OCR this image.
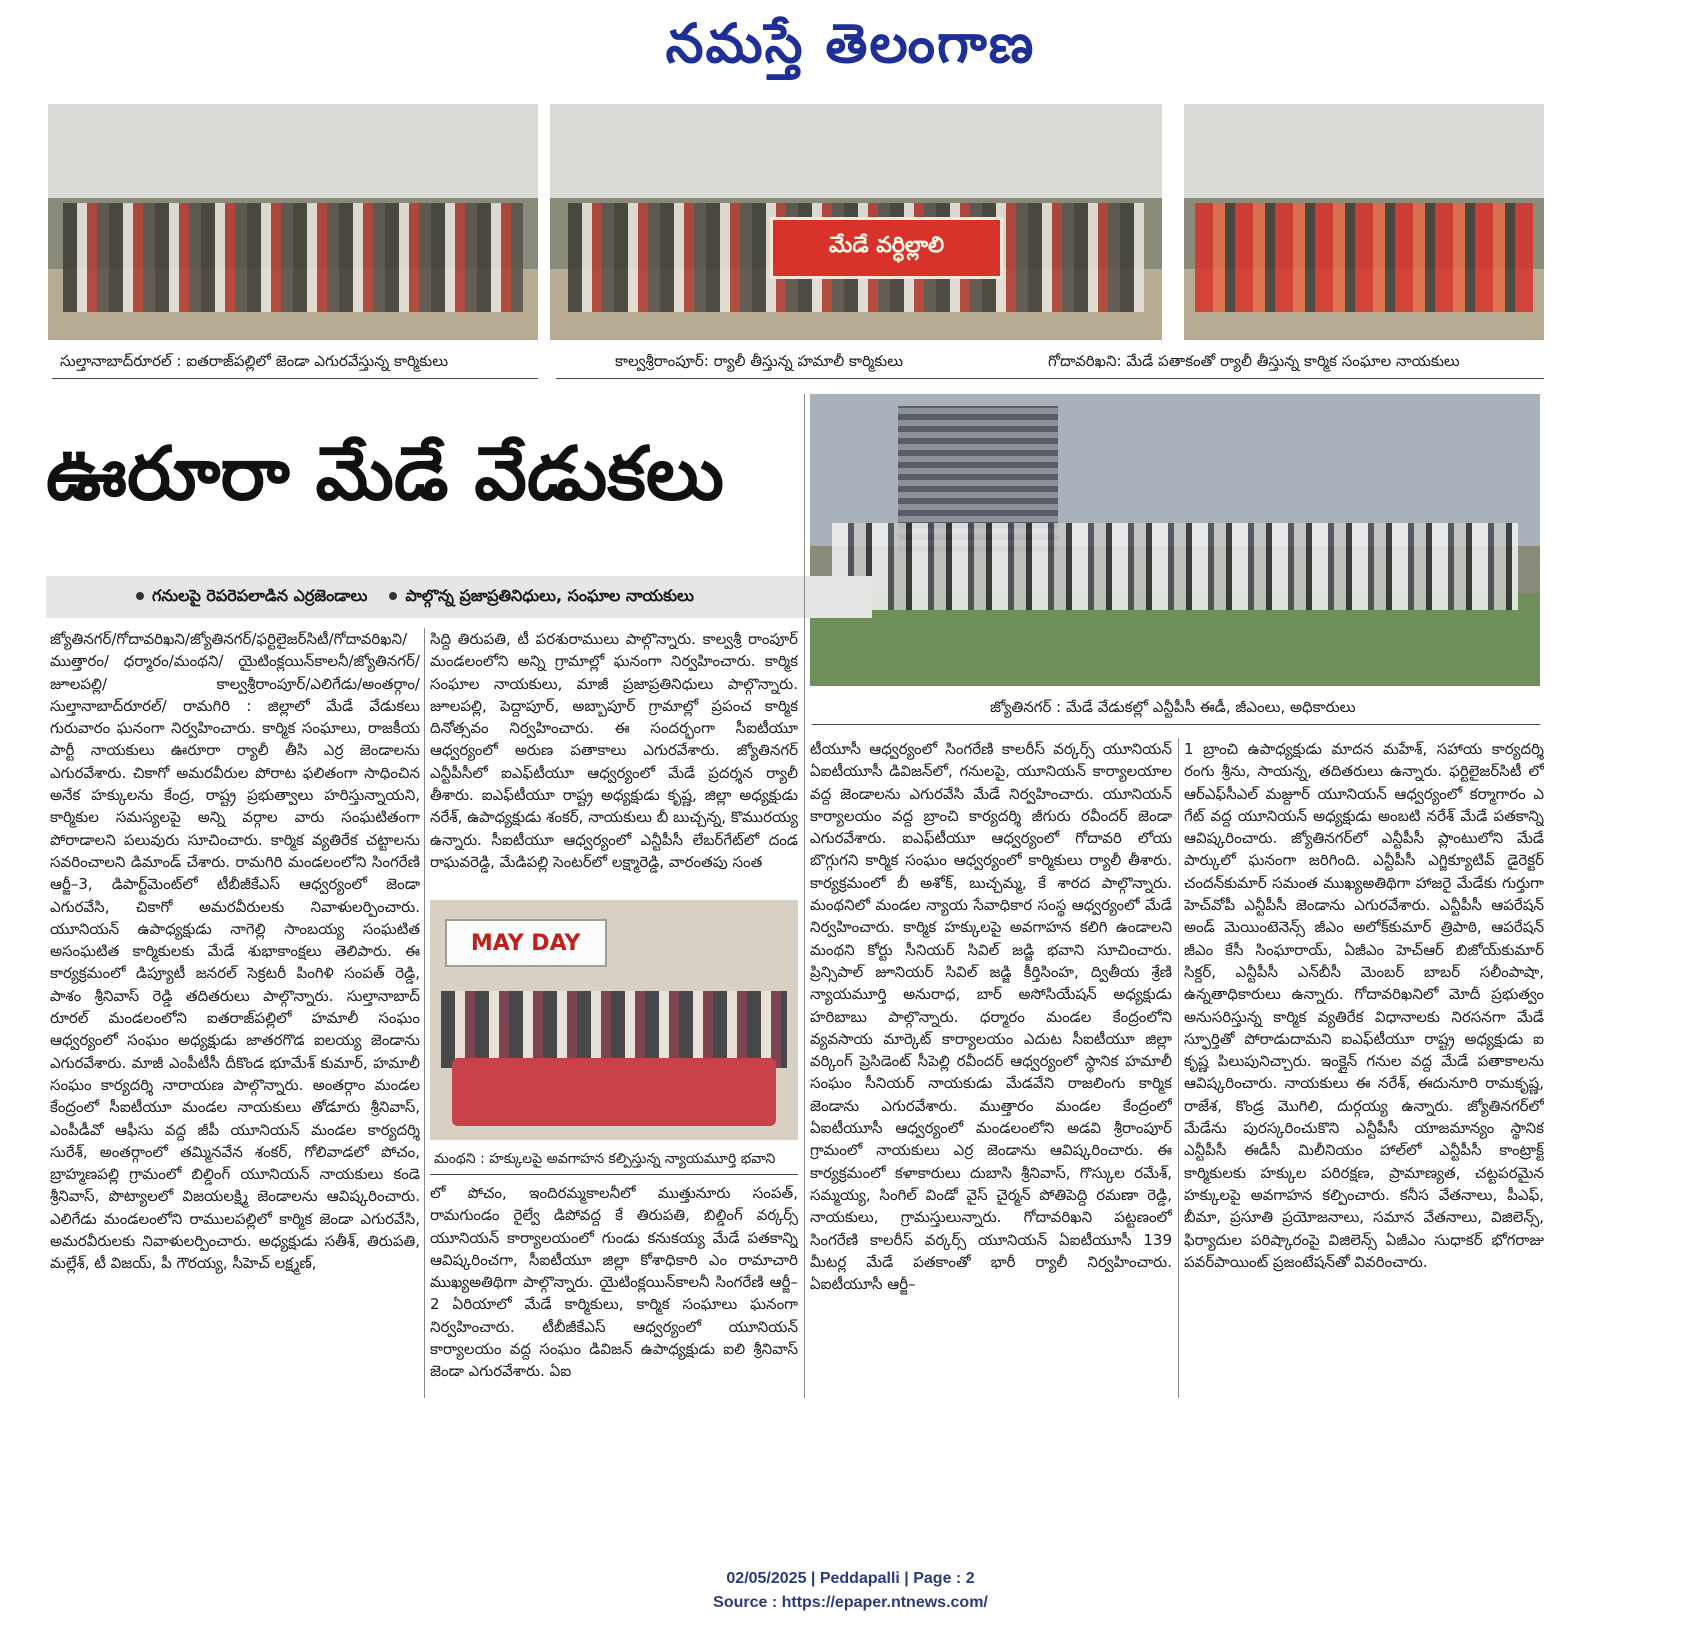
నమస్తే తెలంగాణ
సుల్తానాబాద్‌రూరల్‌ : ఐతరాజ్‌పల్లిలో జెండా ఎగురవేస్తున్న కార్మికులు
మేడే వర్ధిల్లాలి
కాల్వశ్రీరాంపూర్‌: ర్యాలీ తీస్తున్న హమాలీ కార్మికులు	గోదావరిఖని: మేడే పతాకంతో ర్యాలీ తీస్తున్న కార్మిక సంఘాల నాయకులు
జ్యోతినగర్‌ : మేడే వేడుకల్లో ఎన్టీపీసీ ఈడీ, జీఎంలు, అధికారులు
ఊరూరా మేడే వేడుకలు
గనులపై రెపరెపలాడిన ఎర్రజెండాలు	పాల్గొన్న ప్రజాప్రతినిధులు, సంఘాల నాయకులు

జ్యోతినగర్‌/గోదావరిఖని/జ్యోతినగర్‌/ఫర్టిలైజర్‌సిటీ/గోదావరిఖని/ముత్తారం/ ధర్మారం/మంథని/ యైటింక్లయిన్‌కాలనీ/జ్యోతినగర్‌/జూలపల్లి/ కాల్వశ్రీరాంపూర్‌/ఎలిగేడు/అంతర్గాం/సుల్తానాబాద్‌రూరల్‌/ రామగిరి : జిల్లాలో మేడే వేడుకలు గురువారం ఘనంగా నిర్వహించారు. కార్మిక సంఘాలు, రాజకీయ పార్టీ నాయకులు ఊరూరా ర్యాలీ తీసి ఎర్ర జెండాలను ఎగురవేశారు. చికాగో అమరవీరుల పోరాట ఫలితంగా సాధించిన అనేక హక్కులను కేంద్ర, రాష్ట్ర ప్రభుత్వాలు హరిస్తున్నాయని, కార్మికుల సమస్యలపై అన్ని వర్గాల వారు సంఘటితంగా పోరాడాలని పలువురు సూచించారు. కార్మిక వ్యతిరేక చట్టాలను సవరించాలని డిమాండ్‌ చేశారు. రామగిరి మండలంలోని సింగరేణి ఆర్జీ–3, డిపార్ట్‌మెంట్‌లో టీబీజీకేఎస్‌ ఆధ్వర్యంలో జెండా ఎగురవేసి, చికాగో అమరవీరులకు నివాళులర్పించారు. యూనియన్‌ ఉపాధ్యక్షుడు నాగెల్లి సాంబయ్య సంఘటిత అసంఘటిత కార్మికులకు మేడే శుభాకాంక్షలు తెలిపారు. ఈ కార్యక్రమంలో డిప్యూటీ జనరల్‌ సెక్రటరీ పింగిళి సంపత్‌ రెడ్డి, పాశం శ్రీనివాస్‌ రెడ్డి తదితరులు పాల్గొన్నారు. సుల్తానాబాద్‌ రూరల్‌ మండలంలోని ఐతరాజ్‌పల్లిలో హమాలీ సంఘం ఆధ్వర్యంలో సంఘం అధ్యక్షుడు జాతరగొడ ఐలయ్య జెండాను ఎగురవేశారు. మాజీ ఎంపీటీసీ దీకొండ భూమేశ్‌ కుమార్‌, హమాలీ సంఘం కార్యదర్శి నారాయణ పాల్గొన్నారు. అంతర్గాం మండల కేంద్రంలో సీఐటీయూ మండల నాయకులు తోడూరు శ్రీనివాస్‌, ఎంపీడీవో ఆఫీసు వద్ద జీపీ యూనియన్‌ మండల కార్యదర్శి సురేశ్‌, అంతర్గాంలో తమ్మినవేన శంకర్‌, గోలివాడలో పోచం, బ్రాహ్మణపల్లి గ్రామంలో బిల్డింగ్‌ యూనియన్‌ నాయకులు కండె శ్రీనివాస్‌, పొట్యాలలో విజయలక్ష్మి జెండాలను ఆవిష్కరించారు. ఎలిగేడు మండలంలోని రాములపల్లిలో కార్మిక జెండా ఎగురవేసి, అమరవీరులకు నివాళులర్పించారు. అధ్యక్షుడు సతీశ్‌, తిరుపతి, మల్లేశ్‌, టీ విజయ్‌, పీ గౌరయ్య, సీహెచ్‌ లక్ష్మణ్‌,

సిద్ది తిరుపతి, టీ పరశురాములు పాల్గొన్నారు. కాల్వశ్రీ రాంపూర్‌ మండలంలోని అన్ని గ్రామాల్లో ఘనంగా నిర్వహించారు. కార్మిక సంఘాల నాయకులు, మాజీ ప్రజాప్రతినిధులు పాల్గొన్నారు. జూలపల్లి, పెద్దాపూర్‌, అబ్బాపూర్‌ గ్రామాల్లో ప్రపంచ కార్మిక దినోత్సవం నిర్వహించారు. ఈ సందర్భంగా సీఐటీయూ ఆధ్వర్యంలో అరుణ పతాకాలు ఎగురవేశారు. జ్యోతినగర్‌ ఎన్టీపీసీలో ఐఎఫ్‌టీయూ ఆధ్వర్యంలో మేడే ప్రదర్శన ర్యాలీ తీశారు. ఐఎఫ్‌టీయూ రాష్ట్ర అధ్యక్షుడు కృష్ణ, జిల్లా అధ్యక్షుడు నరేశ్‌, ఉపాధ్యక్షుడు శంకర్‌, నాయకులు బీ బుచ్చన్న, కొమురయ్య ఉన్నారు. సీఐటీయూ ఆధ్వర్యంలో ఎన్టీపీసీ లేబర్‌గేట్‌లో దండ రాఘవరెడ్డి, మేడిపల్లి సెంటర్‌లో లక్ష్మారెడ్డి, వారంతపు సంత

MAY DAY
మంథని : హక్కులపై అవగాహన కల్పిస్తున్న న్యాయమూర్తి భవాని

లో పోచం, ఇందిరమ్మకాలనీలో ముత్తునూరు సంపత్‌, రామగుండం రైల్వే డిపోవద్ద కే తిరుపతి, బిల్డింగ్‌ వర్కర్స్‌ యూనియన్‌ కార్యాలయంలో గుండు కనుకయ్య మేడే పతకాన్ని ఆవిష్కరించగా, సీఐటీయూ జిల్లా కోశాధికారి ఎం రామాచారి ముఖ్యఅతిథిగా పాల్గొన్నారు. యైటింక్లయిన్‌కాలనీ సింగరేణి ఆర్జీ–2 ఏరియాలో మేడే కార్మికులు, కార్మిక సంఘాలు ఘనంగా నిర్వహించారు. టీబీజీకేఎస్‌ ఆధ్వర్యంలో యూనియన్‌ కార్యాలయం వద్ద సంఘం డివిజన్‌ ఉపాధ్యక్షుడు ఐలి శ్రీనివాస్‌ జెండా ఎగురవేశారు. ఏఐ

టీయూసీ ఆధ్వర్యంలో సింగరేణి కాలరీస్‌ వర్కర్స్‌ యూనియన్‌ ఏఐటీయూసీ డివిజన్‌లో, గనులపై, యూనియన్‌ కార్యాలయాల వద్ద జెండాలను ఎగురవేసి మేడే నిర్వహించారు. యూనియన్‌ కార్యాలయం వద్ద బ్రాంచి కార్యదర్శి జీగురు రవీందర్‌ జెండా ఎగురవేశారు. ఐఎఫ్‌టీయూ ఆధ్వర్యంలో గోదావరి లోయ బొగ్గుగని కార్మిక సంఘం ఆధ్వర్యంలో కార్మికులు ర్యాలీ తీశారు. కార్యక్రమంలో బీ అశోక్‌, బుచ్చమ్మ, కే శారద పాల్గొన్నారు. మంథనిలో మండల న్యాయ సేవాధికార సంస్థ ఆధ్వర్యంలో మేడే నిర్వహించారు. కార్మిక హక్కులపై అవగాహన కలిగి ఉండాలని మంథని కోర్టు సీనియర్‌ సివిల్‌ జడ్జి భవాని సూచించారు. ప్రిన్సిపాల్‌ జూనియర్‌ సివిల్‌ జడ్జి కీర్తిసింహ, ద్వితీయ శ్రేణి న్యాయమూర్తి అనురాధ, బార్‌ అసోసియేషన్‌ అధ్యక్షుడు హరిబాబు పాల్గొన్నారు. ధర్మారం మండల కేంద్రంలోని వ్యవసాయ మార్కెట్‌ కార్యాలయం ఎదుట సీఐటీయూ జిల్లా వర్కింగ్‌ ప్రెసిడెంట్‌ సీపెల్లి రవీందర్‌ ఆధ్వర్యంలో స్థానిక హమాలీ సంఘం సీనియర్‌ నాయకుడు మేడవేని రాజలింగు కార్మిక జెండాను ఎగురవేశారు. ముత్తారం మండల కేంద్రంలో ఏఐటీయూసీ ఆధ్వర్యంలో మండలంలోని అడవి శ్రీరాంపూర్‌ గ్రామంలో నాయకులు ఎర్ర జెండాను ఆవిష్కరించారు. ఈ కార్యక్రమంలో కళాకారులు దుబాసి శ్రీనివాస్‌, గొస్కుల రమేశ్‌, సమ్మయ్య, సింగిల్‌ విండో వైస్‌ చైర్మన్‌ పోతిపెద్ది రమణా రెడ్డి, నాయకులు, గ్రామస్తులున్నారు. గోదావరిఖని పట్టణంలో సింగరేణి కాలరీస్‌ వర్కర్స్‌ యూనియన్‌ ఏఐటీయూసీ 139 మీటర్ల మేడే పతకాంతో భారీ ర్యాలీ నిర్వహించారు. ఏఐటీయూసీ ఆర్జీ–

1 బ్రాంచి ఉపాధ్యక్షుడు మాదన మహేశ్‌, సహాయ కార్యదర్శి రంగు శ్రీను, సాయన్న, తదితరులు ఉన్నారు. ఫర్టిలైజర్‌సిటీ లో ఆర్‌ఎఫ్‌సీఎల్‌ మజ్దూర్‌ యూనియన్‌ ఆధ్వర్యంలో కర్మాగారం ఎ గేట్‌ వద్ద యూనియన్‌ అధ్యక్షుడు అంబటి నరేశ్‌ మేడే పతకాన్ని ఆవిష్కరించారు. జ్యోతినగర్‌లో ఎన్టీపీసీ ప్లాంటులోని మేడే పార్కులో ఘనంగా జరిగింది. ఎన్టీపీసీ ఎగ్జిక్యూటివ్‌ డైరెక్టర్‌ చందన్‌కుమార్‌ సమంత ముఖ్యఅతిథిగా హాజరై మేడేకు గుర్తుగా హెచ్‌వోపీ ఎన్టీపీసీ జెండాను ఎగురవేశారు. ఎన్టీపీసీ ఆపరేషన్‌ అండ్‌ మెయింటెనెన్స్‌ జీఎం అలోక్‌కుమార్‌ త్రిపాఠి, ఆపరేషన్‌ జీఎం కేసీ సింఘారాయ్‌, ఏజీఎం హెచ్‌ఆర్‌ బిజోయ్‌కుమార్‌ సిక్దర్‌, ఎన్టీపీసీ ఎన్‌బీసీ మెంబర్‌ బాబర్‌ సలీంపాషా, ఉన్నతాధికారులు ఉన్నారు. గోదావరిఖనిలో మోదీ ప్రభుత్వం అనుసరిస్తున్న కార్మిక వ్యతిరేక విధానాలకు నిరసనగా మేడే స్ఫూర్తితో పోరాడుదామని ఐఎఫ్‌టీయూ రాష్ట్ర అధ్యక్షుడు ఐ కృష్ణ పిలుపునిచ్చారు. ఇంక్లైన్‌ గనుల వద్ద మేడే పతాకాలను ఆవిష్కరించారు. నాయకులు ఈ నరేశ్‌, ఈదునూరి రామకృష్ణ, రాజేశ, కొండ్ర మొగిలి, దుర్గయ్య ఉన్నారు. జ్యోతినగర్‌లో మేడేను పురస్కరించుకొని ఎన్టీపీసీ యాజమాన్యం స్థానిక ఎన్టీపీసీ ఈడీసీ మిలీనియం హాల్‌లో ఎన్టీపీసీ కాంట్రాక్ట్‌ కార్మికులకు హక్కుల పరిరక్షణ, ప్రామాణ్యత, చట్టపరమైన హక్కులపై అవగాహన కల్పించారు. కనీస వేతనాలు, పీఎఫ్‌, బీమా, ప్రసూతి ప్రయోజనాలు, సమాన వేతనాలు, విజిలెన్స్‌, ఫిర్యాదుల పరిష్కారంపై విజిలెన్స్‌ ఏజీఎం సుధాకర్‌ భోగరాజు పవర్‌పాయింట్‌ ప్రజంటేషన్‌తో వివరించారు.

02/05/2025 | Peddapalli | Page : 2
Source : https://epaper.ntnews.com/
